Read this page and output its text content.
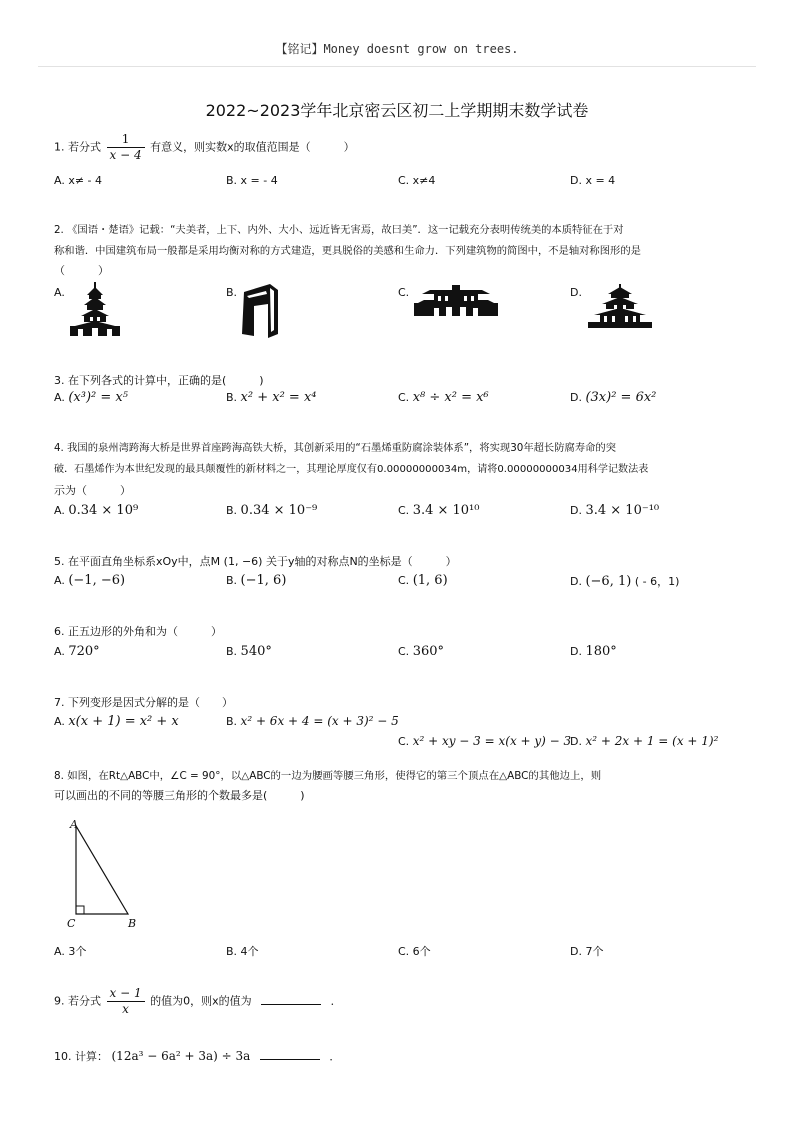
【铭记】Money doesnt grow on trees.
2022~2023学年北京密云区初二上学期期末数学试卷
1. 若分式 $\frac{1}{x - 4}$ 有意义，则实数x的取值范围是（　　　）
A. x≠ - 4	B. x = - 4	C. x≠4	D. x = 4
2. 《国语・楚语》记载：“夫美者，上下、内外、大小、远近皆无害焉，故曰美”．这一记载充分表明传统美的本质特征在于对
称和谐．中国建筑布局一般都是采用均衡对称的方式建造，更具脱俗的美感和生命力．下列建筑物的简图中，不是轴对称图形的是
（　　　）
A.	B.	C.	D.
3. 在下列各式的计算中，正确的是(　　　)
A. (x³)² = x⁵	B. x² + x² = x⁴	C. x⁸ ÷ x² = x⁶	D. (3x)² = 6x²
4. 我国的泉州湾跨海大桥是世界首座跨海高铁大桥，其创新采用的“石墨烯重防腐涂装体系”，将实现30年超长防腐寿命的突
破．石墨烯作为本世纪发现的最具颠覆性的新材料之一，其理论厚度仅有0.00000000034m，请将0.00000000034用科学记数法表
示为（　　　）
A. 0.34 × 10⁹	B. 0.34 × 10⁻⁹	C. 3.4 × 10¹⁰	D. 3.4 × 10⁻¹⁰
5. 在平面直角坐标系xOy中，点M (1, −6) 关于y轴的对称点N的坐标是（　　　）
A. (−1, −6)	B. (−1, 6)	C. (1, 6)	D. (−6, 1) ( - 6，1)
6. 正五边形的外角和为（　　　）
A. 720°	B. 540°	C. 360°	D. 180°
7. 下列变形是因式分解的是（　　）
A. x(x + 1) = x² + x	B. x² + 6x + 4 = (x + 3)² − 5
C. x² + xy − 3 = x(x + y) − 3
D. x² + 2x + 1 = (x + 1)²
8. 如图，在Rt△ABC中，∠C = 90°，以△ABC的一边为腰画等腰三角形，使得它的第三个顶点在△ABC的其他边上，则
可以画出的不同的等腰三角形的个数最多是(　　　)
A
C	B
A. 3个	B. 4个	C. 6个	D. 7个
9. 若分式 $\frac{x - 1}{x}$ 的值为0，则x的值为	．
10. 计算： (12a³ − 6a² + 3a) ÷ 3a	．
